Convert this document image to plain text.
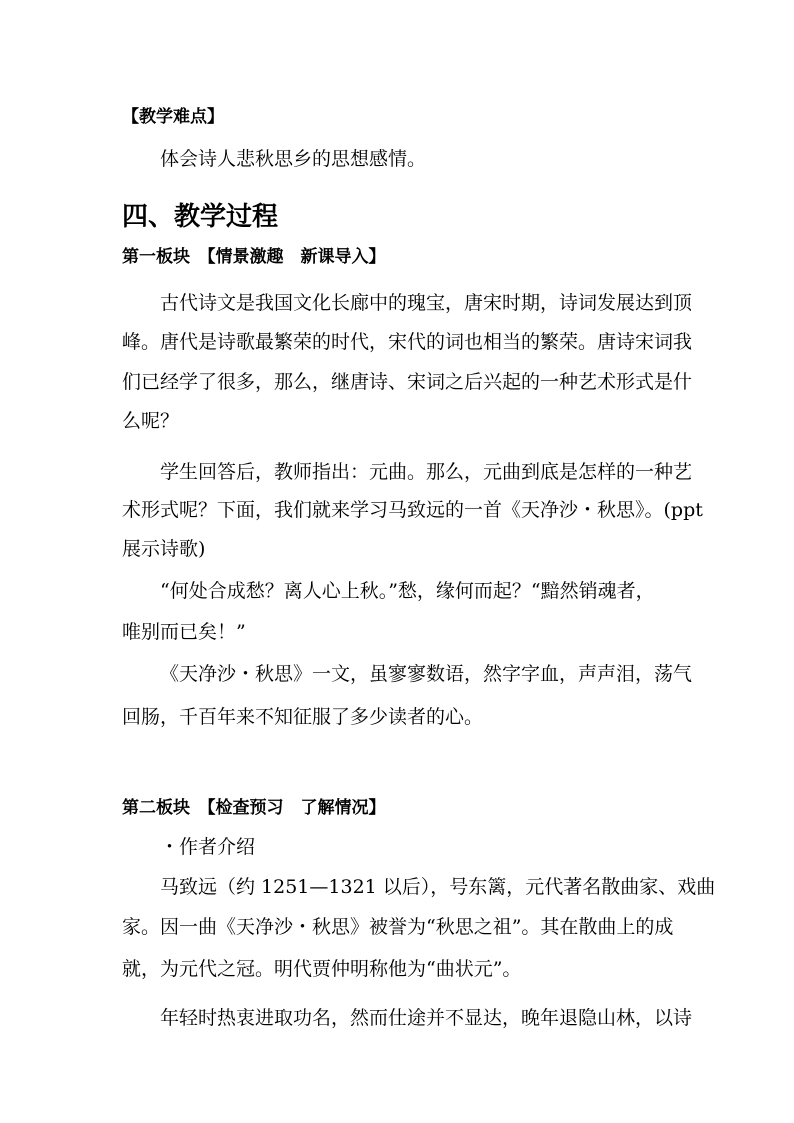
【教学难点】
体会诗人悲秋思乡的思想感情。
四、教学过程
第一板块　【情景激趣　新课导入】
古代诗文是我国文化长廊中的瑰宝，唐宋时期，诗词发展达到顶
峰。唐代是诗歌最繁荣的时代，宋代的词也相当的繁荣。唐诗宋词我
们已经学了很多，那么，继唐诗、宋词之后兴起的一种艺术形式是什
么呢？
学生回答后，教师指出：元曲。那么，元曲到底是怎样的一种艺
术形式呢？下面，我们就来学习马致远的一首《天净沙・秋思》。(ppt
展示诗歌)
“何处合成愁？离人心上秋。”愁，缘何而起？“黯然销魂者，
唯别而已矣！”
《天净沙・秋思》一文，虽寥寥数语，然字字血，声声泪，荡气
回肠，千百年来不知征服了多少读者的心。
第二板块　【检查预习　了解情况】
・作者介绍
马致远（约 1251—1321 以后），号东篱，元代著名散曲家、戏曲
家。因一曲《天净沙・秋思》被誉为“秋思之祖”。其在散曲上的成
就，为元代之冠。明代贾仲明称他为“曲状元”。
年轻时热衷进取功名，然而仕途并不显达，晚年退隐山林，以诗
